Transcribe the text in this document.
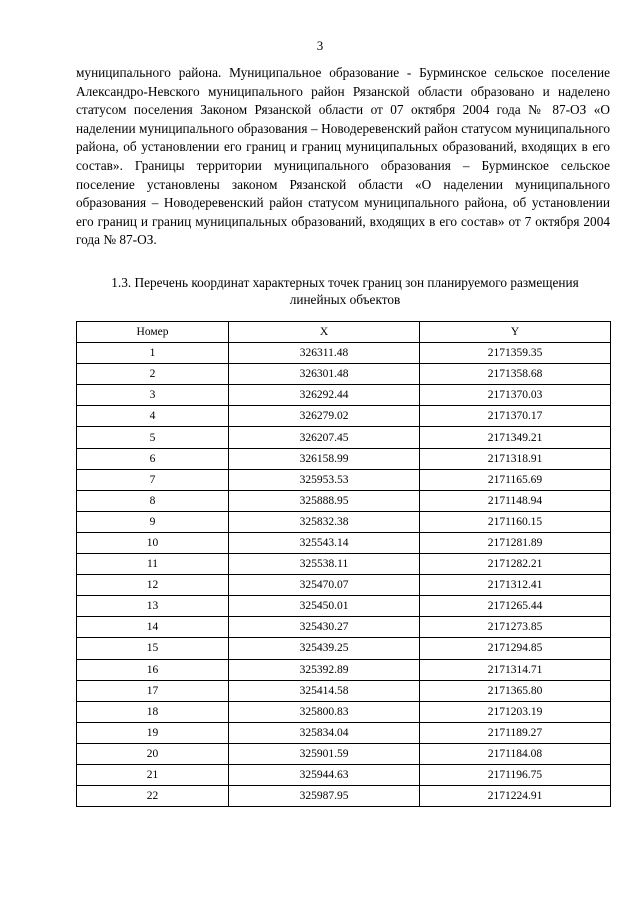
3

муниципального района. Муниципальное образование - Бурминское сельское поселение Александро-Невского муниципального район Рязанской области образовано и наделено статусом поселения Законом Рязанской области от 07 октября 2004 года № 87-ОЗ «О наделении муниципального образования – Новодеревенский район статусом муниципального района, об установлении его границ и границ муниципальных образований, входящих в его состав». Границы территории муниципального образования – Бурминское сельское поселение установлены законом Рязанской области «О наделении муниципального образования – Новодеревенский район статусом муниципального района, об установлении его границ и границ муниципальных образований, входящих в его состав» от 7 октября 2004 года № 87-ОЗ.

1.3. Перечень координат характерных точек границ зон планируемого размещения линейных объектов

Номер	X	Y
1	326311.48	2171359.35
2	326301.48	2171358.68
3	326292.44	2171370.03
4	326279.02	2171370.17
5	326207.45	2171349.21
6	326158.99	2171318.91
7	325953.53	2171165.69
8	325888.95	2171148.94
9	325832.38	2171160.15
10	325543.14	2171281.89
11	325538.11	2171282.21
12	325470.07	2171312.41
13	325450.01	2171265.44
14	325430.27	2171273.85
15	325439.25	2171294.85
16	325392.89	2171314.71
17	325414.58	2171365.80
18	325800.83	2171203.19
19	325834.04	2171189.27
20	325901.59	2171184.08
21	325944.63	2171196.75
22	325987.95	2171224.91
